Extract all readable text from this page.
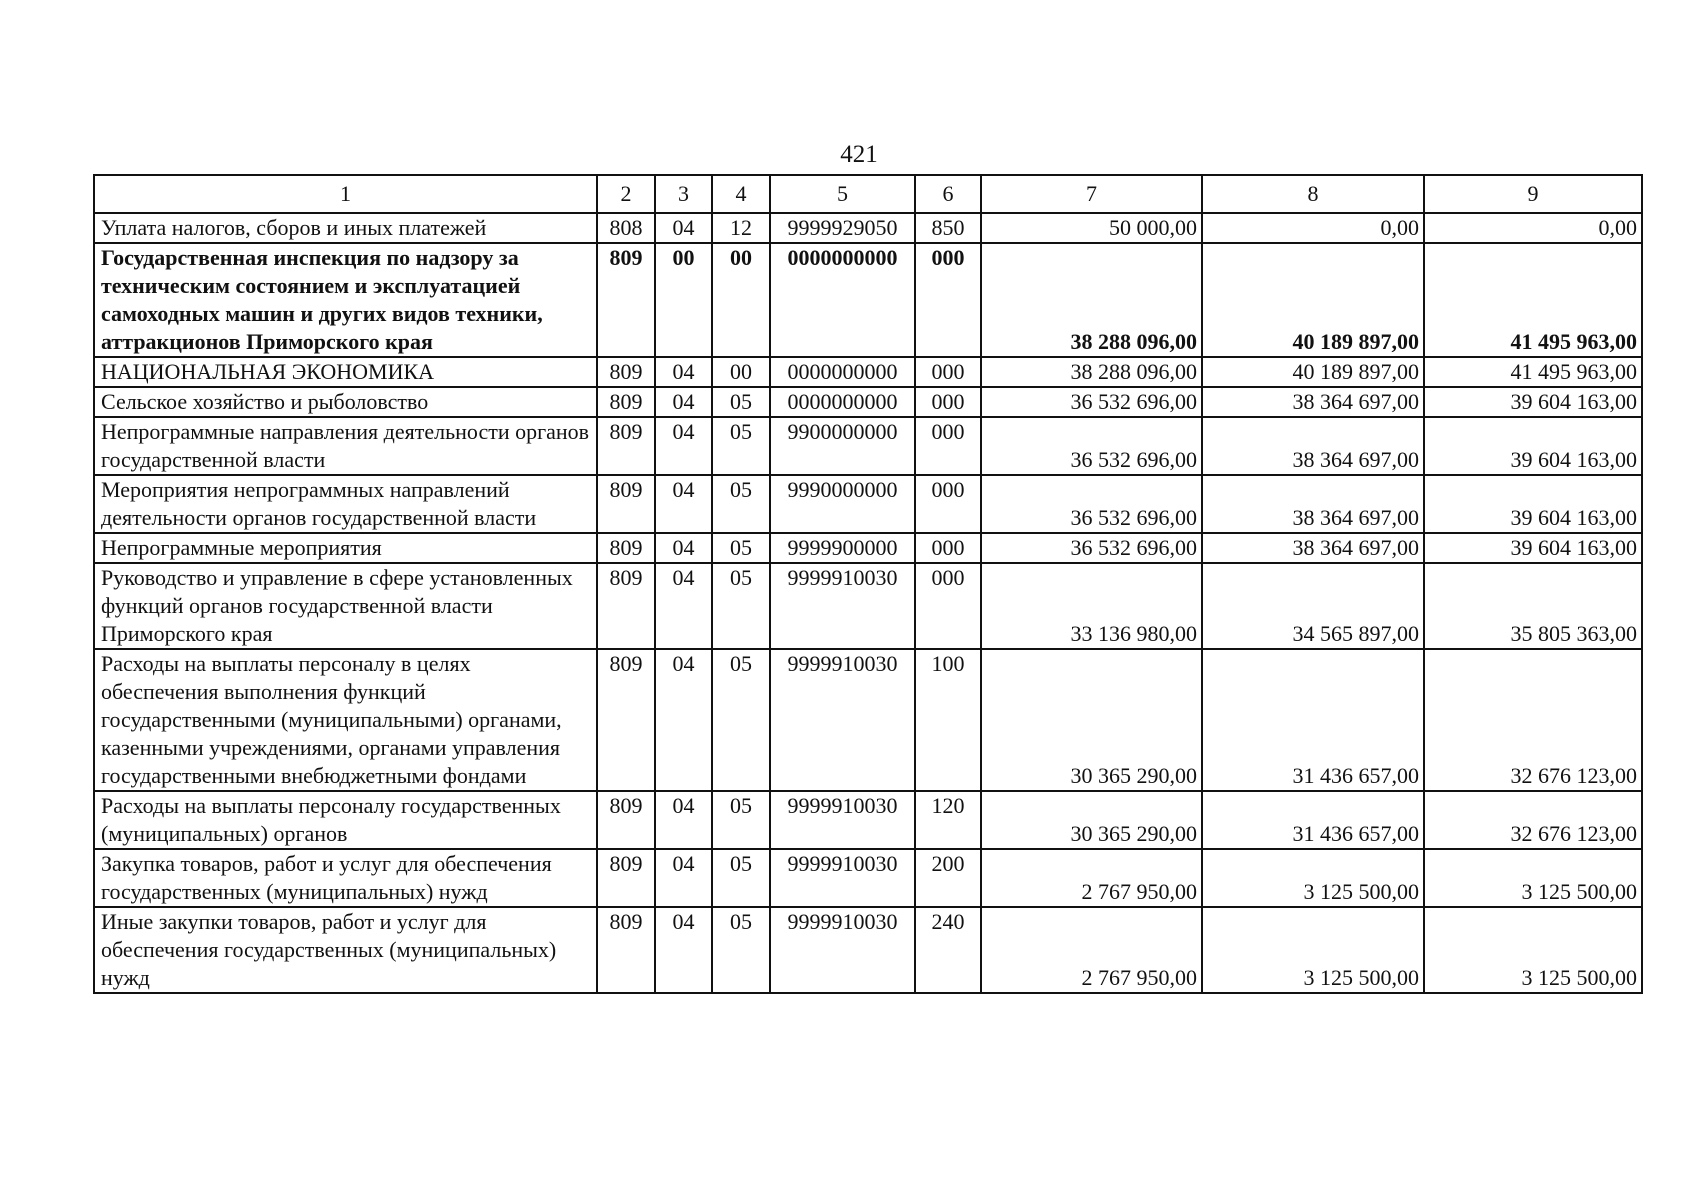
421
1	2	3	4	5	6	7	8	9
Уплата налогов, сборов и иных платежей	808	04	12	9999929050	850	50 000,00	0,00	0,00
Государственная инспекция по надзору за техническим состоянием и эксплуатацией самоходных машин и других видов техники, аттракционов Приморского края	809	00	00	0000000000	000	38 288 096,00	40 189 897,00	41 495 963,00
НАЦИОНАЛЬНАЯ ЭКОНОМИКА	809	04	00	0000000000	000	38 288 096,00	40 189 897,00	41 495 963,00
Сельское хозяйство и рыболовство	809	04	05	0000000000	000	36 532 696,00	38 364 697,00	39 604 163,00
Непрограммные направления деятельности органов государственной власти	809	04	05	9900000000	000	36 532 696,00	38 364 697,00	39 604 163,00
Мероприятия непрограммных направлений деятельности органов государственной власти	809	04	05	9990000000	000	36 532 696,00	38 364 697,00	39 604 163,00
Непрограммные мероприятия	809	04	05	9999900000	000	36 532 696,00	38 364 697,00	39 604 163,00
Руководство и управление в сфере установленных функций органов государственной власти Приморского края	809	04	05	9999910030	000	33 136 980,00	34 565 897,00	35 805 363,00
Расходы на выплаты персоналу в целях обеспечения выполнения функций государственными (муниципальными) органами, казенными учреждениями, органами управления государственными внебюджетными фондами	809	04	05	9999910030	100	30 365 290,00	31 436 657,00	32 676 123,00
Расходы на выплаты персоналу государственных (муниципальных) органов	809	04	05	9999910030	120	30 365 290,00	31 436 657,00	32 676 123,00
Закупка товаров, работ и услуг для обеспечения государственных (муниципальных) нужд	809	04	05	9999910030	200	2 767 950,00	3 125 500,00	3 125 500,00
Иные закупки товаров, работ и услуг для обеспечения государственных (муниципальных) нужд	809	04	05	9999910030	240	2 767 950,00	3 125 500,00	3 125 500,00
